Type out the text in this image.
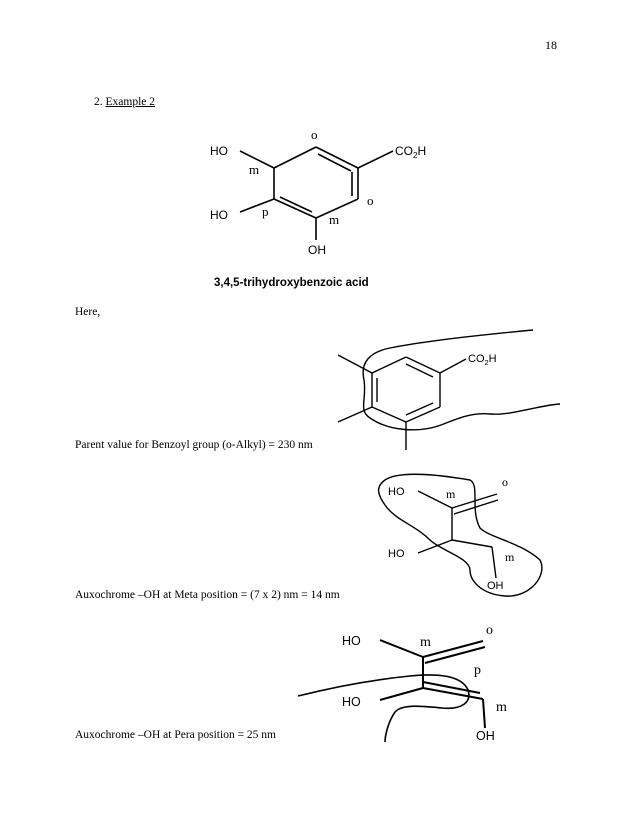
18
2. Example 2
HO
HO
OH
$CO_2H$
o
o
m
m
p
3,4,5-trihydroxybenzoic acid
Here,
$CO_2H$
Parent value for Benzoyl group (o-Alkyl) = 230 nm
HO
HO
OH
m
o
m
Auxochrome –OH at Meta position = (7 x 2) nm = 14 nm
HO
HO
OH
m
o
p
m
Auxochrome –OH at Pera position = 25 nm
